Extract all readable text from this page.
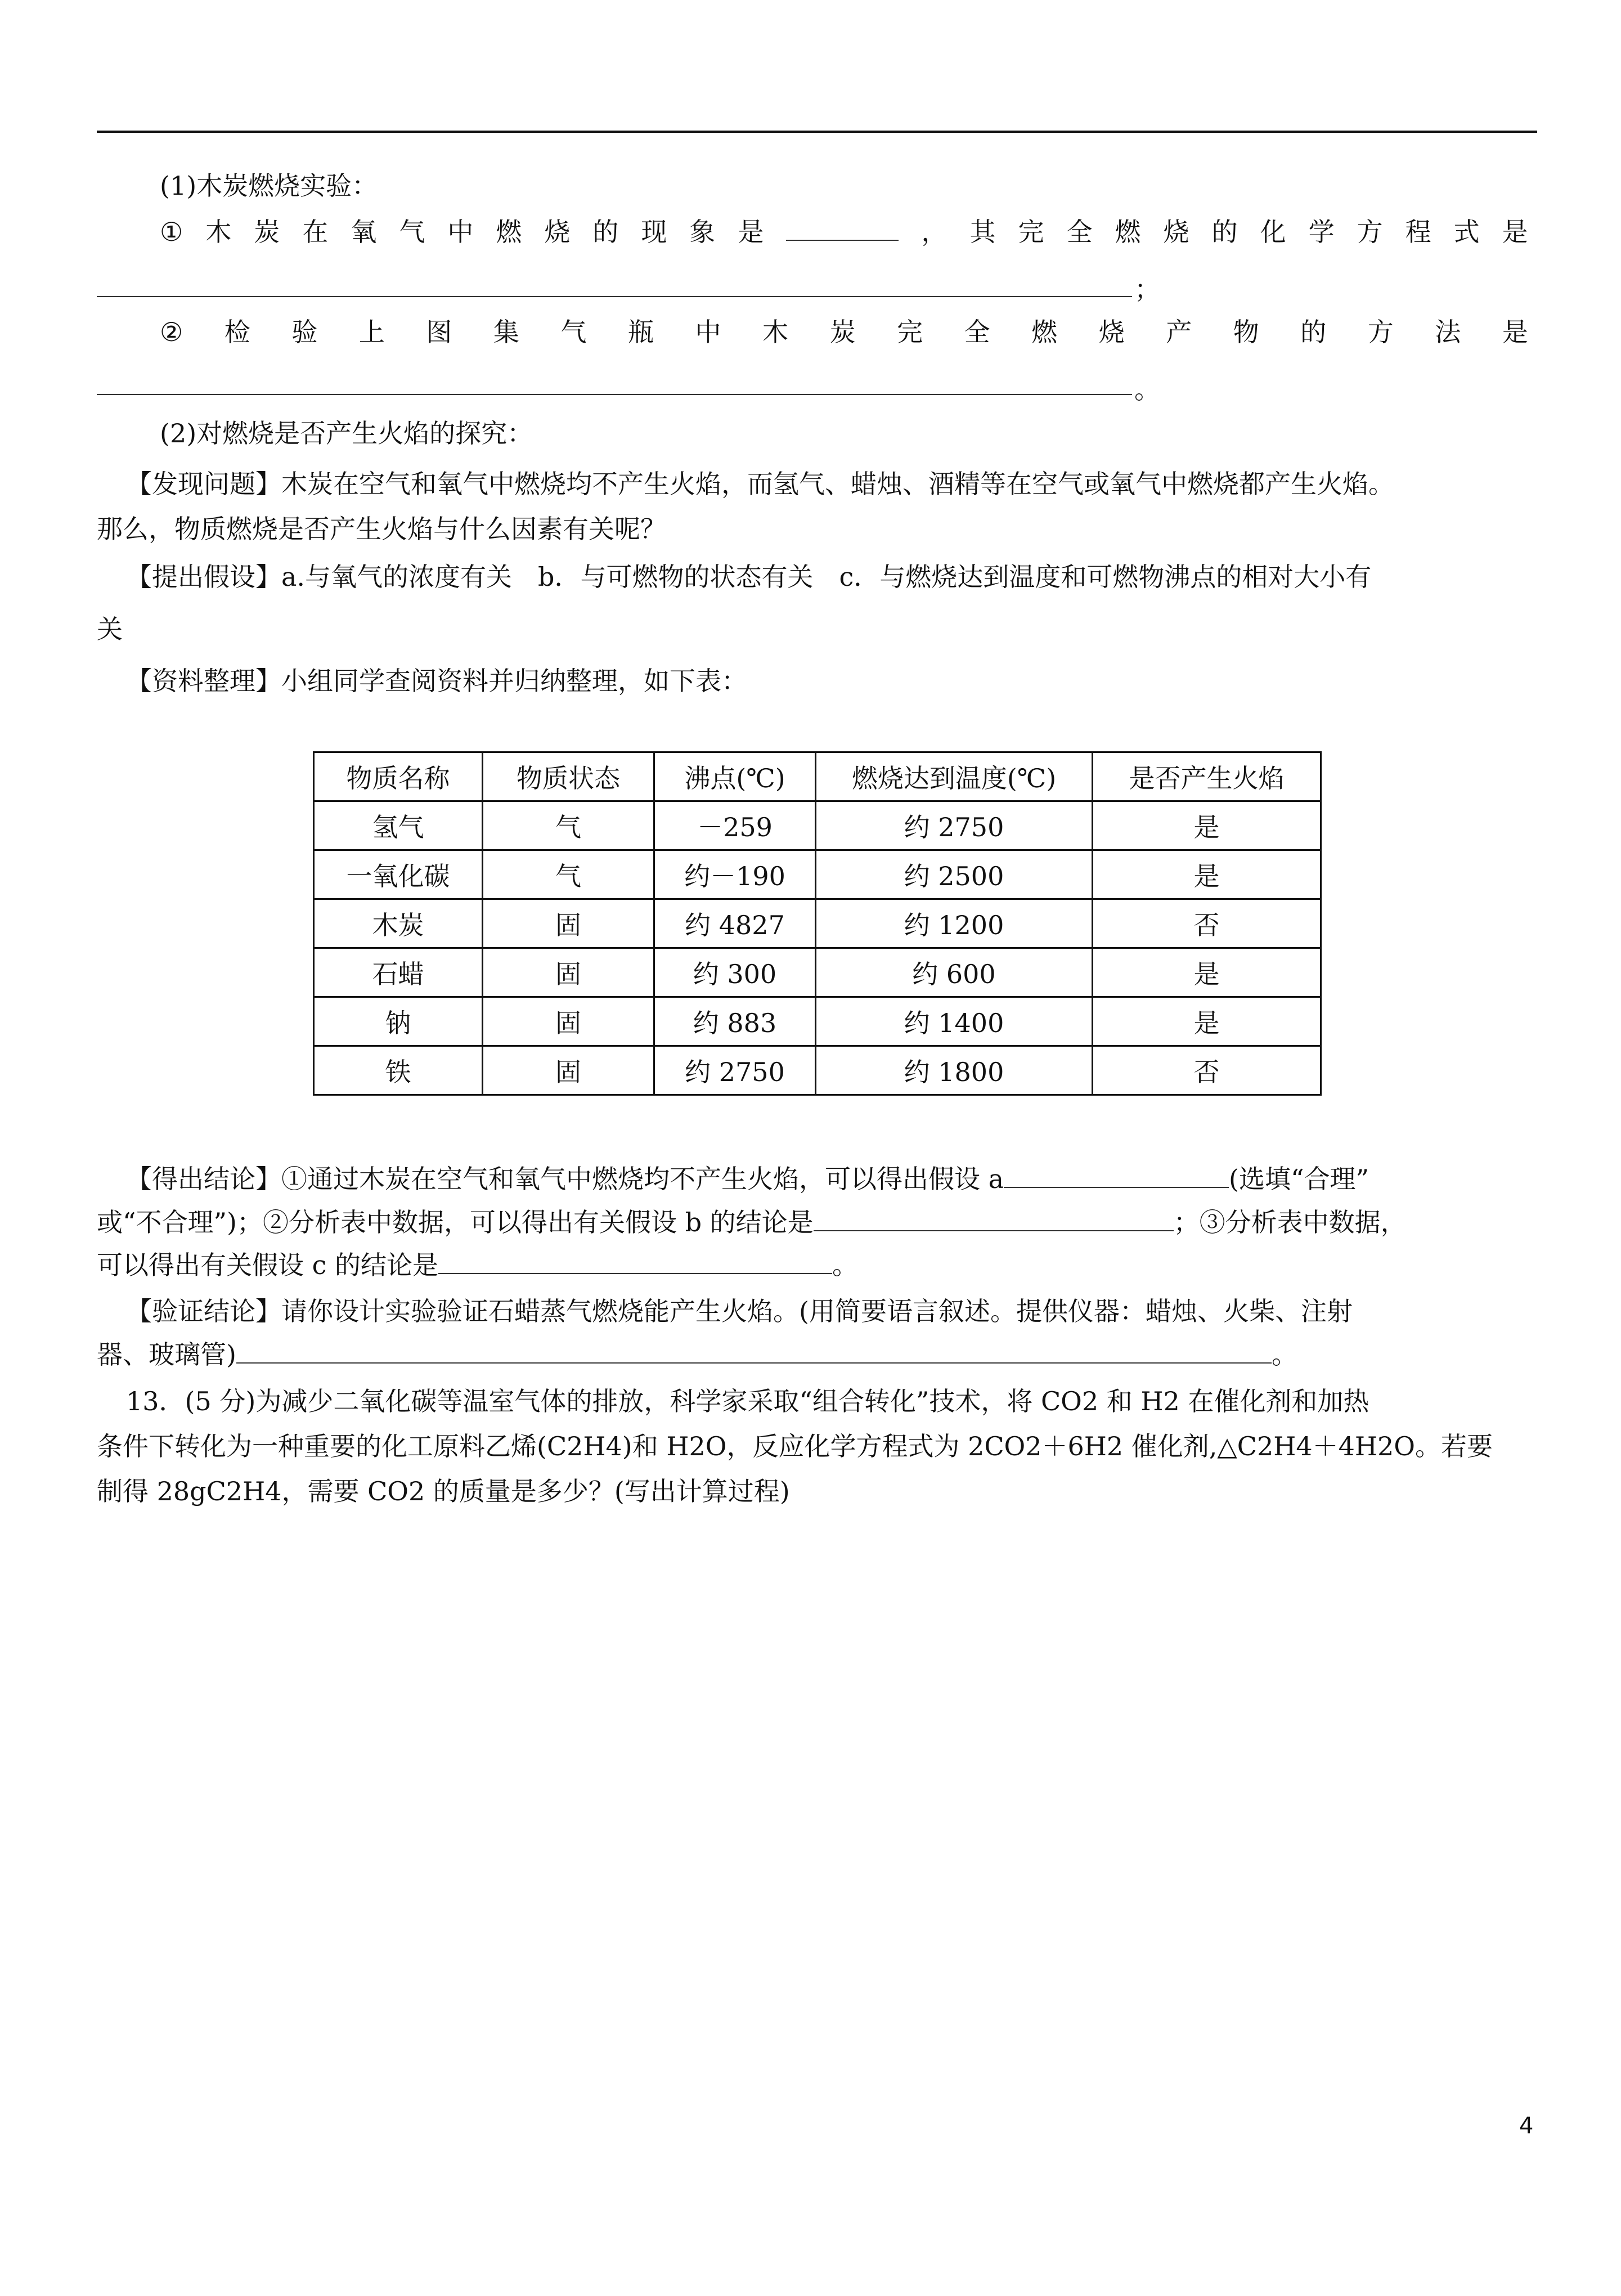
(1)木炭燃烧实验：
① 木 炭 在 氧 气 中 燃 烧 的 现 象 是	， 其 完 全 燃 烧 的 化 学 方 程 式 是
；
② 检 验 上 图 集 气 瓶 中 木 炭 完 全 燃 烧 产 物 的 方 法 是
。
(2)对燃烧是否产生火焰的探究：
【发现问题】木炭在空气和氧气中燃烧均不产生火焰，而氢气、蜡烛、酒精等在空气或氧气中燃烧都产生火焰。
那么，物质燃烧是否产生火焰与什么因素有关呢？
【提出假设】a.与氧气的浓度有关　b．与可燃物的状态有关　c．与燃烧达到温度和可燃物沸点的相对大小有
关
【资料整理】小组同学查阅资料并归纳整理，如下表：
物质名称	物质状态	沸点(℃)	燃烧达到温度(℃)	是否产生火焰
氢气	气	－259	约 2750	是
一氧化碳	气	约－190	约 2500	是
木炭	固	约 4827	约 1200	否
石蜡	固	约 300	约 600	是
钠	固	约 883	约 1400	是
铁	固	约 2750	约 1800	否
【得出结论】①通过木炭在空气和氧气中燃烧均不产生火焰，可以得出假设 a	(选填“合理”
或“不合理”)；②分析表中数据，可以得出有关假设 b 的结论是	；③分析表中数据，
可以得出有关假设 c 的结论是	。
【验证结论】请你设计实验验证石蜡蒸气燃烧能产生火焰。(用简要语言叙述。提供仪器：蜡烛、火柴、注射
器、玻璃管)	。
13．(5 分)为减少二氧化碳等温室气体的排放，科学家采取“组合转化”技术，将 CO2 和 H2 在催化剂和加热
条件下转化为一种重要的化工原料乙烯(C2H4)和 H2O，反应化学方程式为 2CO2＋6H2 催化剂,△C2H4＋4H2O。若要
制得 28gC2H4，需要 CO2 的质量是多少？(写出计算过程)
4
